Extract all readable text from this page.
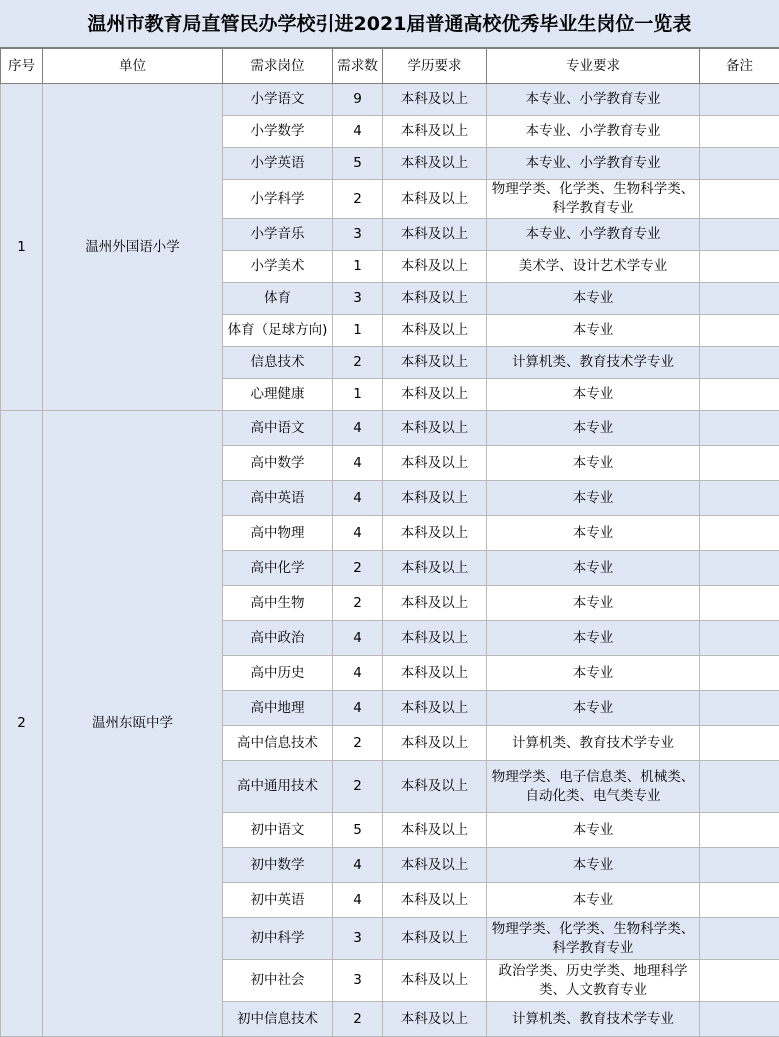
温州市教育局直管民办学校引进2021届普通高校优秀毕业生岗位一览表
序号	单位	需求岗位	需求数	学历要求	专业要求	备注
1	温州外国语小学	小学语文	9	本科及以上	本专业、小学教育专业	
		小学数学	4	本科及以上	本专业、小学教育专业	
		小学英语	5	本科及以上	本专业、小学教育专业	
		小学科学	2	本科及以上	物理学类、化学类、生物科学类、科学教育专业	
		小学音乐	3	本科及以上	本专业、小学教育专业	
		小学美术	1	本科及以上	美术学、设计艺术学专业	
		体育	3	本科及以上	本专业	
		体育（足球方向)	1	本科及以上	本专业	
		信息技术	2	本科及以上	计算机类、教育技术学专业	
		心理健康	1	本科及以上	本专业	
2	温州东瓯中学	高中语文	4	本科及以上	本专业	
		高中数学	4	本科及以上	本专业	
		高中英语	4	本科及以上	本专业	
		高中物理	4	本科及以上	本专业	
		高中化学	2	本科及以上	本专业	
		高中生物	2	本科及以上	本专业	
		高中政治	4	本科及以上	本专业	
		高中历史	4	本科及以上	本专业	
		高中地理	4	本科及以上	本专业	
		高中信息技术	2	本科及以上	计算机类、教育技术学专业	
		高中通用技术	2	本科及以上	物理学类、电子信息类、机械类、自动化类、电气类专业	
		初中语文	5	本科及以上	本专业	
		初中数学	4	本科及以上	本专业	
		初中英语	4	本科及以上	本专业	
		初中科学	3	本科及以上	物理学类、化学类、生物科学类、科学教育专业	
		初中社会	3	本科及以上	政治学类、历史学类、地理科学类、人文教育专业	
		初中信息技术	2	本科及以上	计算机类、教育技术学专业	
